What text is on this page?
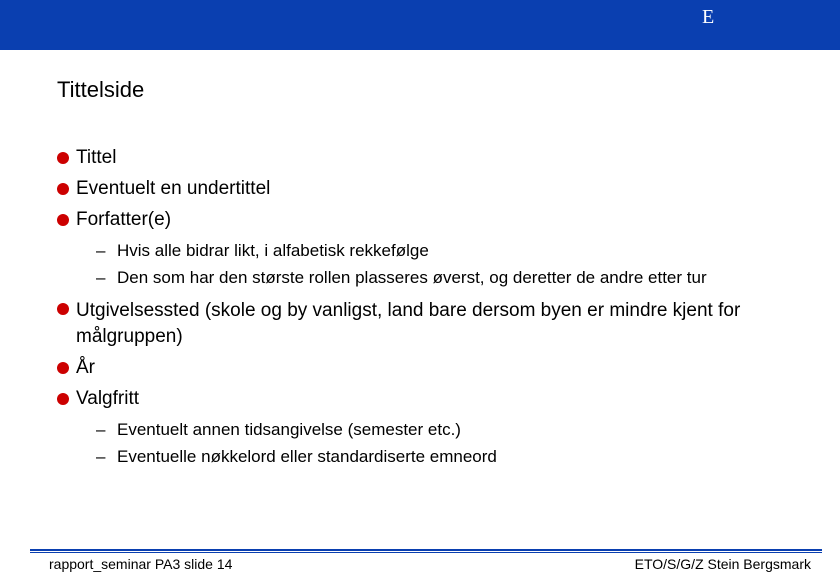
E
Tittelside
Tittel
Eventuelt en undertittel
Forfatter(e)
– Hvis alle bidrar likt, i alfabetisk rekkefølge
– Den som har den største rollen plasseres øverst, og deretter de andre etter tur
Utgivelsessted (skole og by vanligst, land bare dersom byen er mindre kjent for målgruppen)
År
Valgfritt
– Eventuelt annen tidsangivelse (semester etc.)
– Eventuelle nøkkelord eller standardiserte emneord
rapport_seminar PA3 slide 14	ETO/S/G/Z Stein Bergsmark
